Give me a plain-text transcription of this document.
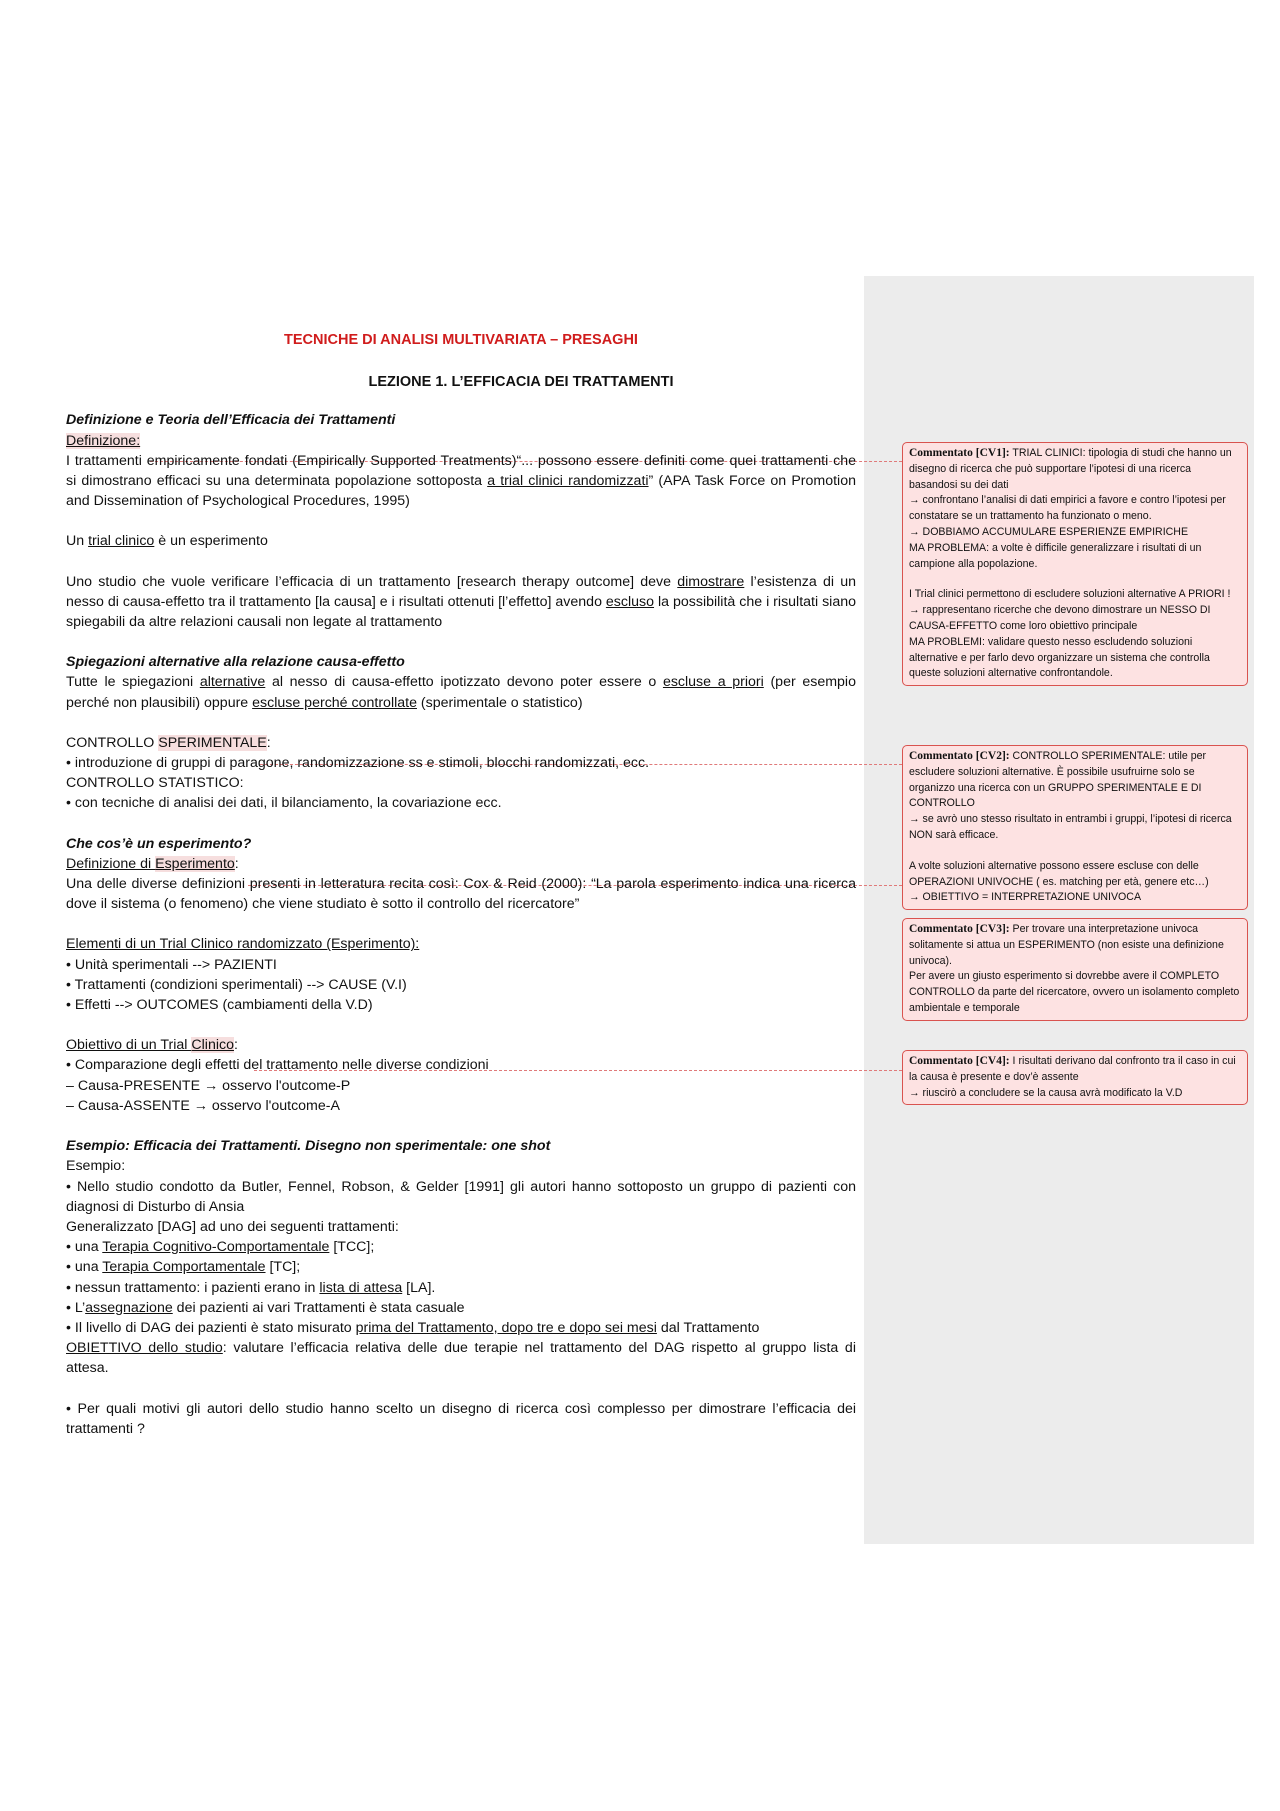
TECNICHE DI ANALISI MULTIVARIATA – PRESAGHI

LEZIONE 1. L’EFFICACIA DEI TRATTAMENTI

Definizione e Teoria dell’Efficacia dei Trattamenti

Definizione:

I trattamenti empiricamente fondati (Empirically Supported Treatments)“... possono essere definiti come quei trattamenti che si dimostrano efficaci su una determinata popolazione sottoposta a trial clinici randomizzati” (APA Task Force on Promotion and Dissemination of Psychological Procedures, 1995)

Un trial clinico è un esperimento

Uno studio che vuole verificare l’efficacia di un trattamento [research therapy outcome] deve dimostrare l’esistenza di un nesso di causa-effetto tra il trattamento [la causa] e i risultati ottenuti [l’effetto] avendo escluso la possibilità che i risultati siano spiegabili da altre relazioni causali non legate al trattamento

Spiegazioni alternative alla relazione causa-effetto

Tutte le spiegazioni alternative al nesso di causa-effetto ipotizzato devono poter essere o escluse a priori (per esempio perché non plausibili) oppure escluse perché controllate (sperimentale o statistico)

CONTROLLO SPERIMENTALE:

• introduzione di gruppi di paragone, randomizzazione ss e stimoli, blocchi randomizzati, ecc.

CONTROLLO STATISTICO:

• con tecniche di analisi dei dati, il bilanciamento, la covariazione ecc.

Che cos’è un esperimento?

Definizione di Esperimento:

Una delle diverse definizioni presenti in letteratura recita così: Cox & Reid (2000): “La parola esperimento indica una ricerca dove il sistema (o fenomeno) che viene studiato è sotto il controllo del ricercatore”

Elementi di un Trial Clinico randomizzato (Esperimento):

• Unità sperimentali --> PAZIENTI

• Trattamenti (condizioni sperimentali) --> CAUSE (V.I)

• Effetti --> OUTCOMES (cambiamenti della V.D)

Obiettivo di un Trial Clinico:

• Comparazione degli effetti del trattamento nelle diverse condizioni

– Causa-PRESENTE → osservo l'outcome-P

– Causa-ASSENTE → osservo l'outcome-A

Esempio: Efficacia dei Trattamenti. Disegno non sperimentale: one shot

Esempio:

• Nello studio condotto da Butler, Fennel, Robson, & Gelder [1991] gli autori hanno sottoposto un gruppo di pazienti con diagnosi di Disturbo di Ansia

Generalizzato [DAG] ad uno dei seguenti trattamenti:

• una Terapia Cognitivo-Comportamentale [TCC];

• una Terapia Comportamentale [TC];

• nessun trattamento: i pazienti erano in lista di attesa [LA].

• L’assegnazione dei pazienti ai vari Trattamenti è stata casuale

• Il livello di DAG dei pazienti è stato misurato prima del Trattamento, dopo tre e dopo sei mesi dal Trattamento

OBIETTIVO dello studio: valutare l’efficacia relativa delle due terapie nel trattamento del DAG rispetto al gruppo lista di attesa.

• Per quali motivi gli autori dello studio hanno scelto un disegno di ricerca così complesso per dimostrare l’efficacia dei trattamenti ?

Commentato [CV1]: TRIAL CLINICI: tipologia di studi che hanno un disegno di ricerca che può supportare l’ipotesi di una ricerca basandosi su dei dati
→ confrontano l’analisi di dati empirici a favore e contro l’ipotesi per constatare se un trattamento ha funzionato o meno.
→ DOBBIAMO ACCUMULARE ESPERIENZE EMPIRICHE
MA PROBLEMA: a volte è difficile generalizzare i risultati di un campione alla popolazione.
I Trial clinici permettono di escludere soluzioni alternative A PRIORI !
→ rappresentano ricerche che devono dimostrare un NESSO DI CAUSA-EFFETTO come loro obiettivo principale
MA PROBLEMI: validare questo nesso escludendo soluzioni alternative e per farlo devo organizzare un sistema che controlla queste soluzioni alternative confrontandole.
Commentato [CV2]: CONTROLLO SPERIMENTALE: utile per escludere soluzioni alternative. È possibile usufruirne solo se organizzo una ricerca con un GRUPPO SPERIMENTALE E DI CONTROLLO
→ se avrò uno stesso risultato in entrambi i gruppi, l’ipotesi di ricerca NON sarà efficace.
A volte soluzioni alternative possono essere escluse con delle OPERAZIONI UNIVOCHE ( es. matching per età, genere etc…)
→ OBIETTIVO = INTERPRETAZIONE UNIVOCA
Commentato [CV3]: Per trovare una interpretazione univoca solitamente si attua un ESPERIMENTO (non esiste una definizione univoca).
Per avere un giusto esperimento si dovrebbe avere il COMPLETO CONTROLLO da parte del ricercatore, ovvero un isolamento completo ambientale e temporale
Commentato [CV4]: I risultati derivano dal confronto tra il caso in cui la causa è presente e dov’è assente
→ riuscirò a concludere se la causa avrà modificato la V.D
